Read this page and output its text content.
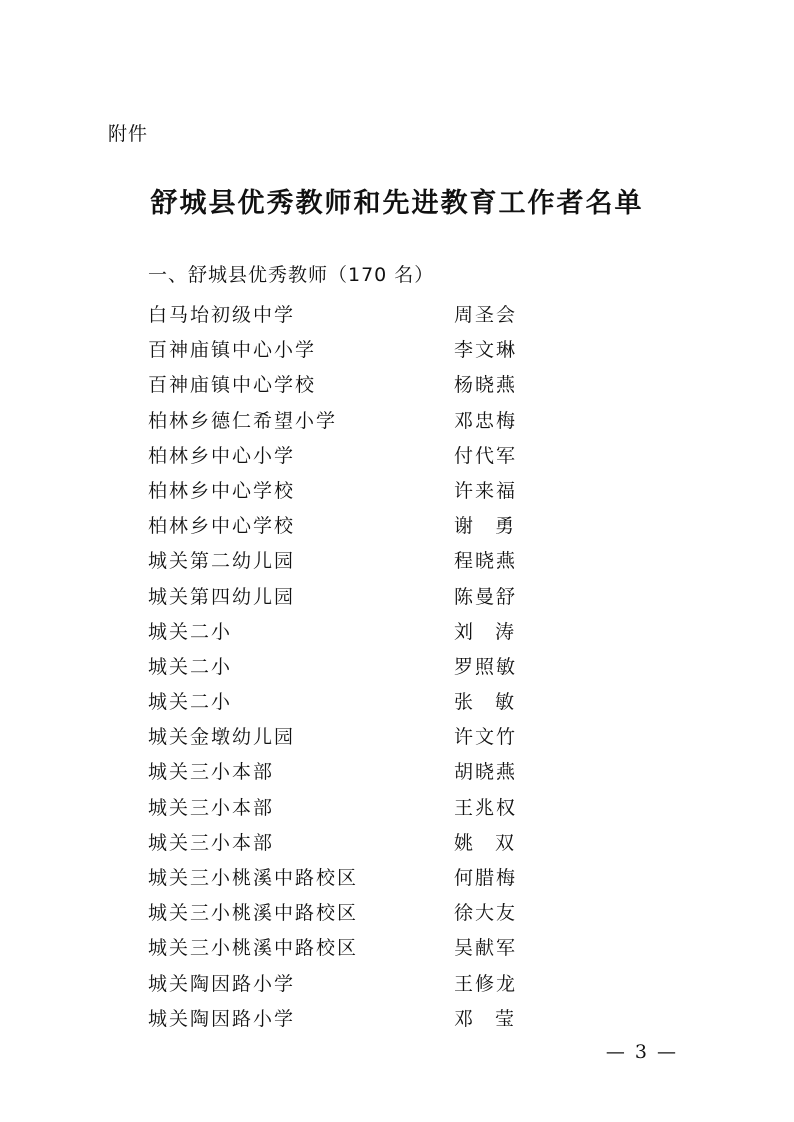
附件
舒城县优秀教师和先进教育工作者名单
一、舒城县优秀教师（170 名）
白马坮初级中学	周圣会
百神庙镇中心小学	李文琳
百神庙镇中心学校	杨晓燕
柏林乡德仁希望小学	邓忠梅
柏林乡中心小学	付代军
柏林乡中心学校	许来福
柏林乡中心学校	谢勇
城关第二幼儿园	程晓燕
城关第四幼儿园	陈曼舒
城关二小	刘涛
城关二小	罗照敏
城关二小	张敏
城关金墩幼儿园	许文竹
城关三小本部	胡晓燕
城关三小本部	王兆权
城关三小本部	姚双
城关三小桃溪中路校区	何腊梅
城关三小桃溪中路校区	徐大友
城关三小桃溪中路校区	吴献军
城关陶因路小学	王修龙
城关陶因路小学	邓莹
— 3 —
